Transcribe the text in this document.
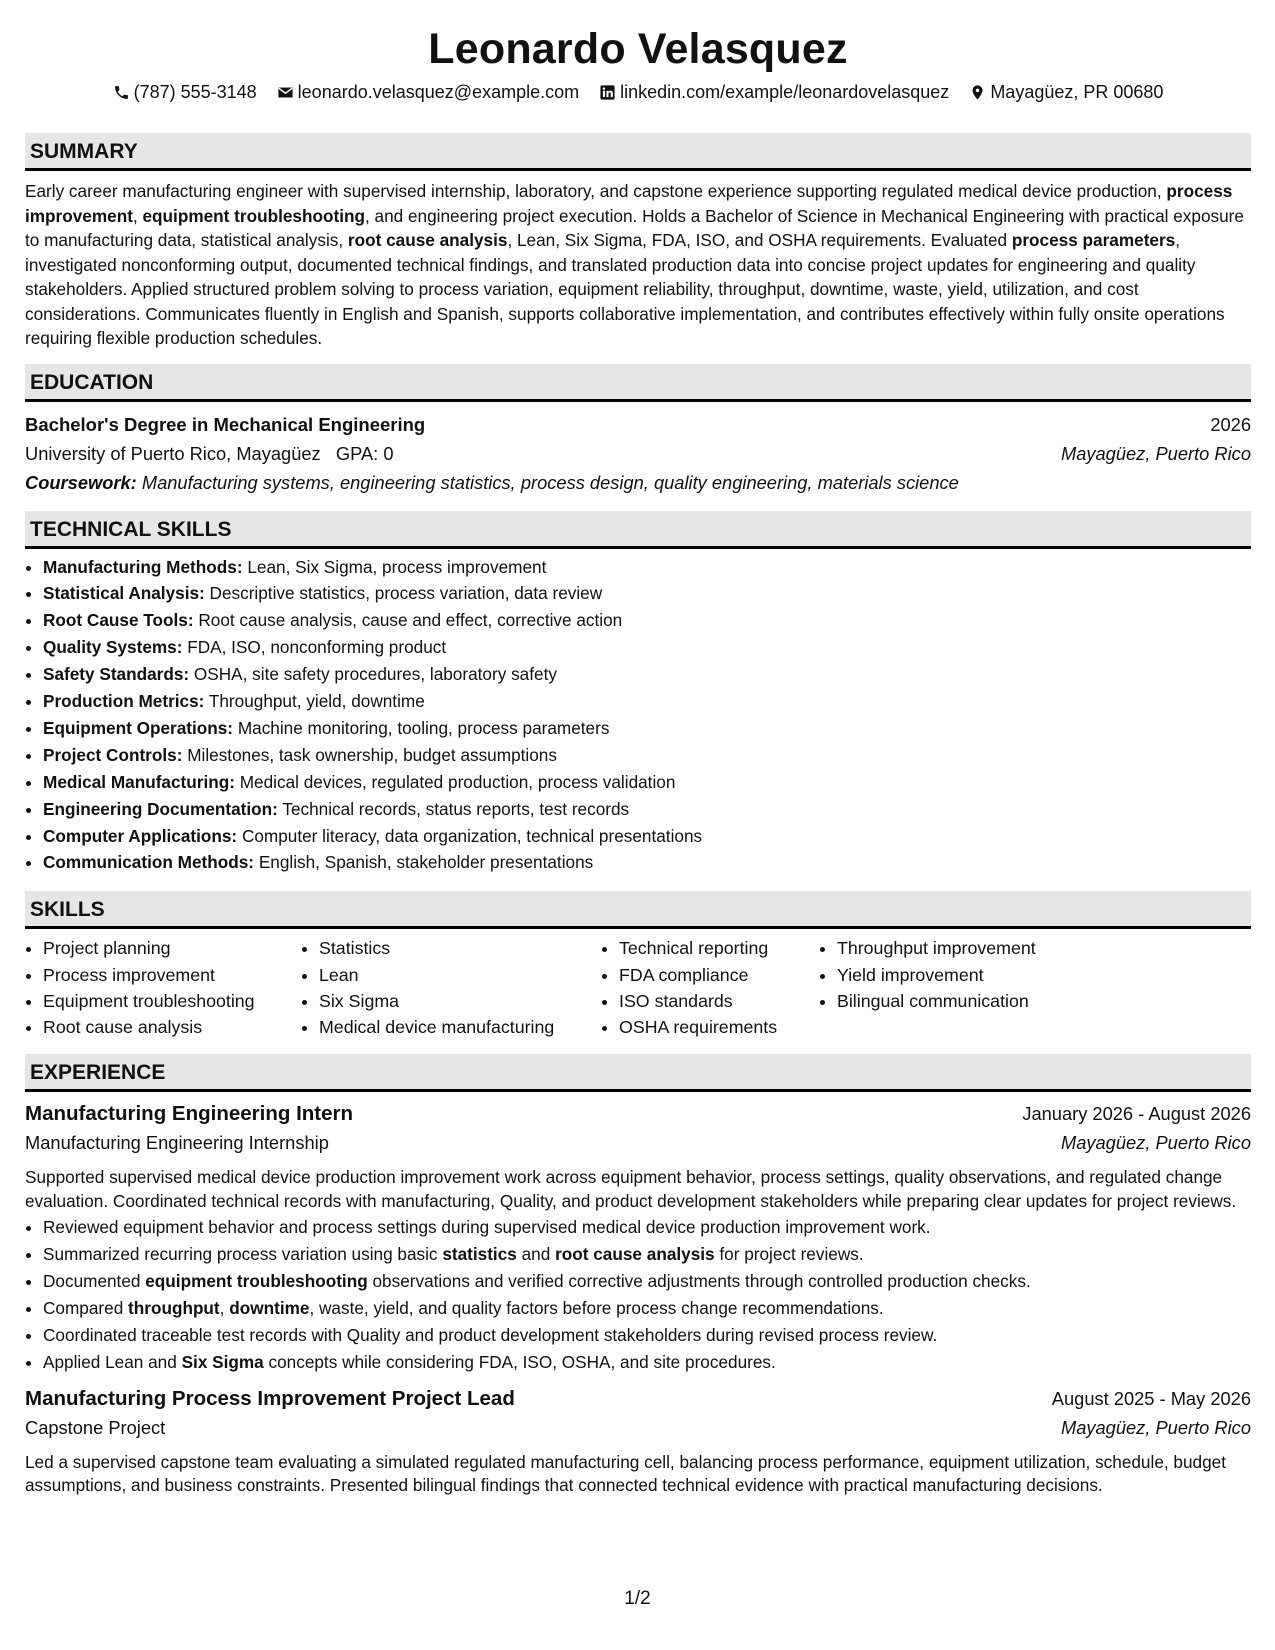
Leonardo Velasquez
(787) 555-3148 leonardo.velasquez@example.com linkedin.com/example/leonardovelasquez Mayagüez, PR 00680
SUMMARY

Early career manufacturing engineer with supervised internship, laboratory, and capstone experience supporting regulated medical device production, process improvement, equipment troubleshooting, and engineering project execution. Holds a Bachelor of Science in Mechanical Engineering with practical exposure to manufacturing data, statistical analysis, root cause analysis, Lean, Six Sigma, FDA, ISO, and OSHA requirements. Evaluated process parameters, investigated nonconforming output, documented technical findings, and translated production data into concise project updates for engineering and quality stakeholders. Applied structured problem solving to process variation, equipment reliability, throughput, downtime, waste, yield, utilization, and cost considerations. Communicates fluently in English and Spanish, supports collaborative implementation, and contributes effectively within fully onsite operations requiring flexible production schedules.

EDUCATION
Bachelor's Degree in Mechanical Engineering	2026
University of Puerto Rico, Mayagüez GPA: 0	Mayagüez, Puerto Rico
Coursework: Manufacturing systems, engineering statistics, process design, quality engineering, materials science
TECHNICAL SKILLS
• Manufacturing Methods: Lean, Six Sigma, process improvement
• Statistical Analysis: Descriptive statistics, process variation, data review
• Root Cause Tools: Root cause analysis, cause and effect, corrective action
• Quality Systems: FDA, ISO, nonconforming product
• Safety Standards: OSHA, site safety procedures, laboratory safety
• Production Metrics: Throughput, yield, downtime
• Equipment Operations: Machine monitoring, tooling, process parameters
• Project Controls: Milestones, task ownership, budget assumptions
• Medical Manufacturing: Medical devices, regulated production, process validation
• Engineering Documentation: Technical records, status reports, test records
• Computer Applications: Computer literacy, data organization, technical presentations
• Communication Methods: English, Spanish, stakeholder presentations
SKILLS
• Project planning
• Process improvement
• Equipment troubleshooting
• Root cause analysis
• Statistics
• Lean
• Six Sigma
• Medical device manufacturing
• Technical reporting
• FDA compliance
• ISO standards
• OSHA requirements
• Throughput improvement
• Yield improvement
• Bilingual communication
EXPERIENCE
Manufacturing Engineering Intern	January 2026 - August 2026
Manufacturing Engineering Internship	Mayagüez, Puerto Rico
Supported supervised medical device production improvement work across equipment behavior, process settings, quality observations, and regulated change evaluation. Coordinated technical records with manufacturing, Quality, and product development stakeholders while preparing clear updates for project reviews.
• Reviewed equipment behavior and process settings during supervised medical device production improvement work.
• Summarized recurring process variation using basic statistics and root cause analysis for project reviews.
• Documented equipment troubleshooting observations and verified corrective adjustments through controlled production checks.
• Compared throughput, downtime, waste, yield, and quality factors before process change recommendations.
• Coordinated traceable test records with Quality and product development stakeholders during revised process review.
• Applied Lean and Six Sigma concepts while considering FDA, ISO, OSHA, and site procedures.
Manufacturing Process Improvement Project Lead	August 2025 - May 2026
Capstone Project	Mayagüez, Puerto Rico
Led a supervised capstone team evaluating a simulated regulated manufacturing cell, balancing process performance, equipment utilization, schedule, budget assumptions, and business constraints. Presented bilingual findings that connected technical evidence with practical manufacturing decisions.
1/2
